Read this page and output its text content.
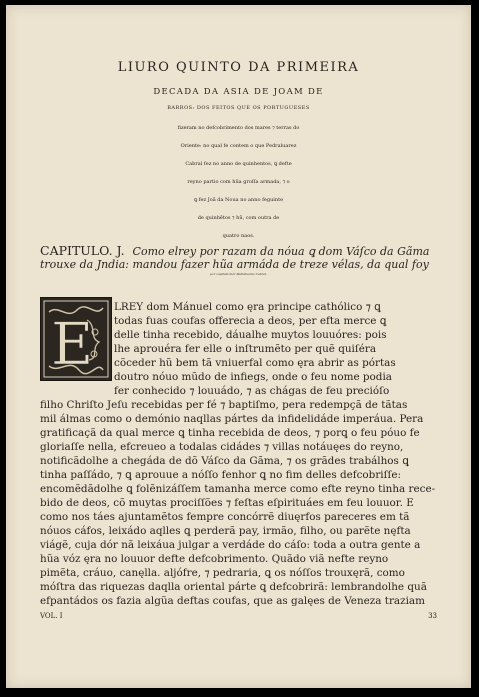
LIURO QUINTO DA PRIMEIRA
DECADA DA ASIA DE JOAM DE
BARROS: DOS FEITOS QUE OS PORTUGUESES
fizeram no defcobrimento dos mares ⁊ terras do
Oriente: no qual fe contem o que Pedraluarez
Cabral fez no anno de quinhentos, ꝗ defte
reyno partio com hũa groſſa armada, ⁊ o
ꝗ fez Joã da Noua no anno feguinte
de quinhẽtos ⁊ hũ, com outra de
quatro naos.
CAPITULO. J. Como elrey por razam da nóua ꝗ dom Váſco da Gãma
trouxe da Jndia: mandou fazer hũa armáda de treze vélas, da qual foy
por capitam mór Pedraluarez Cabral.
E
LREY dom Mánuel como ęra principe cathólico ⁊ ꝗ
todas fuas coufas offerecia a deos, per efta merce ꝗ
delle tinha recebido, dáualhe muytos louuóres: pois
lhe aprouéra fer elle o inſtrumẽto per quẽ quiſéra
cõceder hũ bem tã vniuerfal como ęra abrir as pórtas
doutro nóuo mũdo de infiegs, onde o feu nome podia
fer conhecido ⁊ louuádo, ⁊ as chágas de feu precióſo
filho Chriſto Jeſu recebidas per fé ⁊ baptiſmo, pera redempçã de tãtas
mil álmas como o demónio naqllas pártes da infidelidáde imperáua. Pera
gratificaçã da qual merce ꝗ tinha recebida de deos, ⁊ porꝗ o feu póuo fe
gloriaſſe nella, efcreueo a todalas cidádes ⁊ villas notáuęes do reyno,
notificãdolhe a chegáda de dõ Váſco da Gãma, ⁊ os grãdes trabálhos ꝗ
tinha paſſádo, ⁊ ꝗ aprouue a nóſſo fenhor ꝗ no fim delles defcobriſſe:
encomẽdãdolhe ꝗ folẽnizáſſem tamanha merce como efte reyno tinha rece-
bido de deos, cõ muytas prociſſões ⁊ feſtas eſpirituáes em feu louuor. E
como nos táes ajuntamẽtos fempre concórrẽ diuęrfos pareceres em tã
nóuos cáfos, leixádo aqlles ꝗ perderã pay, irmão, filho, ou parẽte nęfta
viágẽ, cuja dór nã leixáua julgar a verdáde do cáſo: toda a outra gente a
hũa vóz ęra no louuor defte defcobrimento. Quãdo viã nefte reyno
pimẽta, cráuo, canęlla. aljófre, ⁊ pedraria, ꝗ os nóſſos trouxęrã, como
móſtra das riquezas daqlla oriental párte ꝗ defcobrirã: lembrandolhe quã
efpantádos os fazia algũa deftas coufas, que as galęes de Veneza traziam
VOL. I	33
